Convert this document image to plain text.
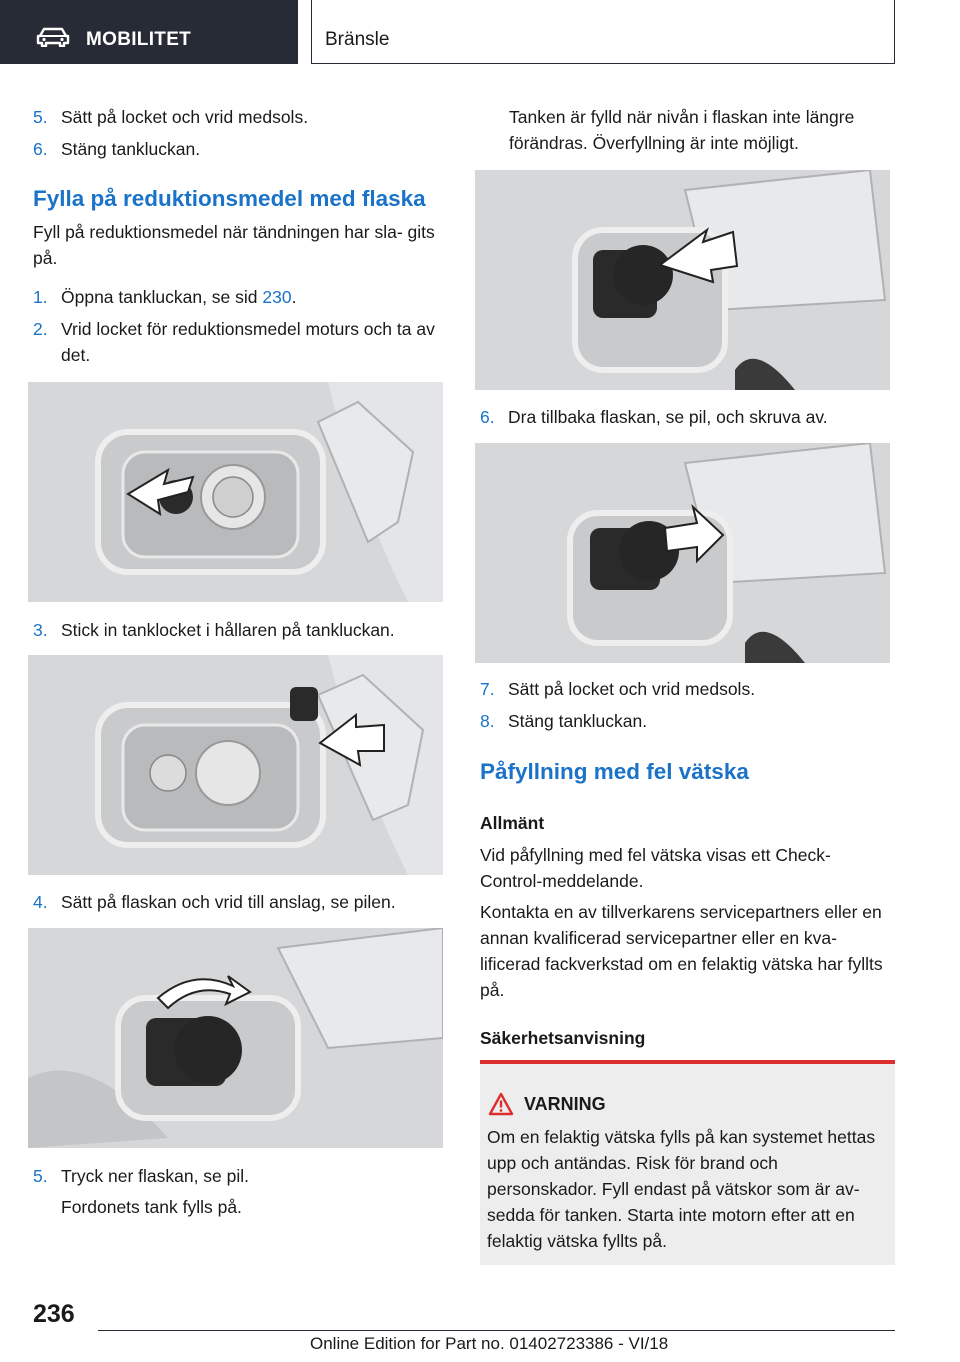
MOBILITET	Bränsle
5. Sätt på locket och vrid medsols.
6. Stäng tankluckan.
Fylla på reduktionsmedel med flaska
Fyll på reduktionsmedel när tändningen har sla‐ gits på.
1. Öppna tankluckan, se sid 230.
2. Vrid locket för reduktionsmedel moturs och ta av det.
3. Stick in tanklocket i hållaren på tankluckan.
4. Sätt på flaskan och vrid till anslag, se pilen.
5. Tryck ner flaskan, se pil.
Fordonets tank fylls på.
Tanken är fylld när nivån i flaskan inte längre förändras. Överfyllning är inte möjligt.
6. Dra tillbaka flaskan, se pil, och skruva av.
7. Sätt på locket och vrid medsols.
8. Stäng tankluckan.
Påfyllning med fel vätska
Allmänt
Vid påfyllning med fel vätska visas ett Check- Control-meddelande.
Kontakta en av tillverkarens servicepartners eller en annan kvalificerad servicepartner eller en kva‐ lificerad fackverkstad om en felaktig vätska har fyllts på.
Säkerhetsanvisning
VARNING
Om en felaktig vätska fylls på kan systemet hettas upp och antändas. Risk för brand och personskador. Fyll endast på vätskor som är av‐ sedda för tanken. Starta inte motorn efter att en felaktig vätska fyllts på.
236
Online Edition for Part no. 01402723386 - VI/18
